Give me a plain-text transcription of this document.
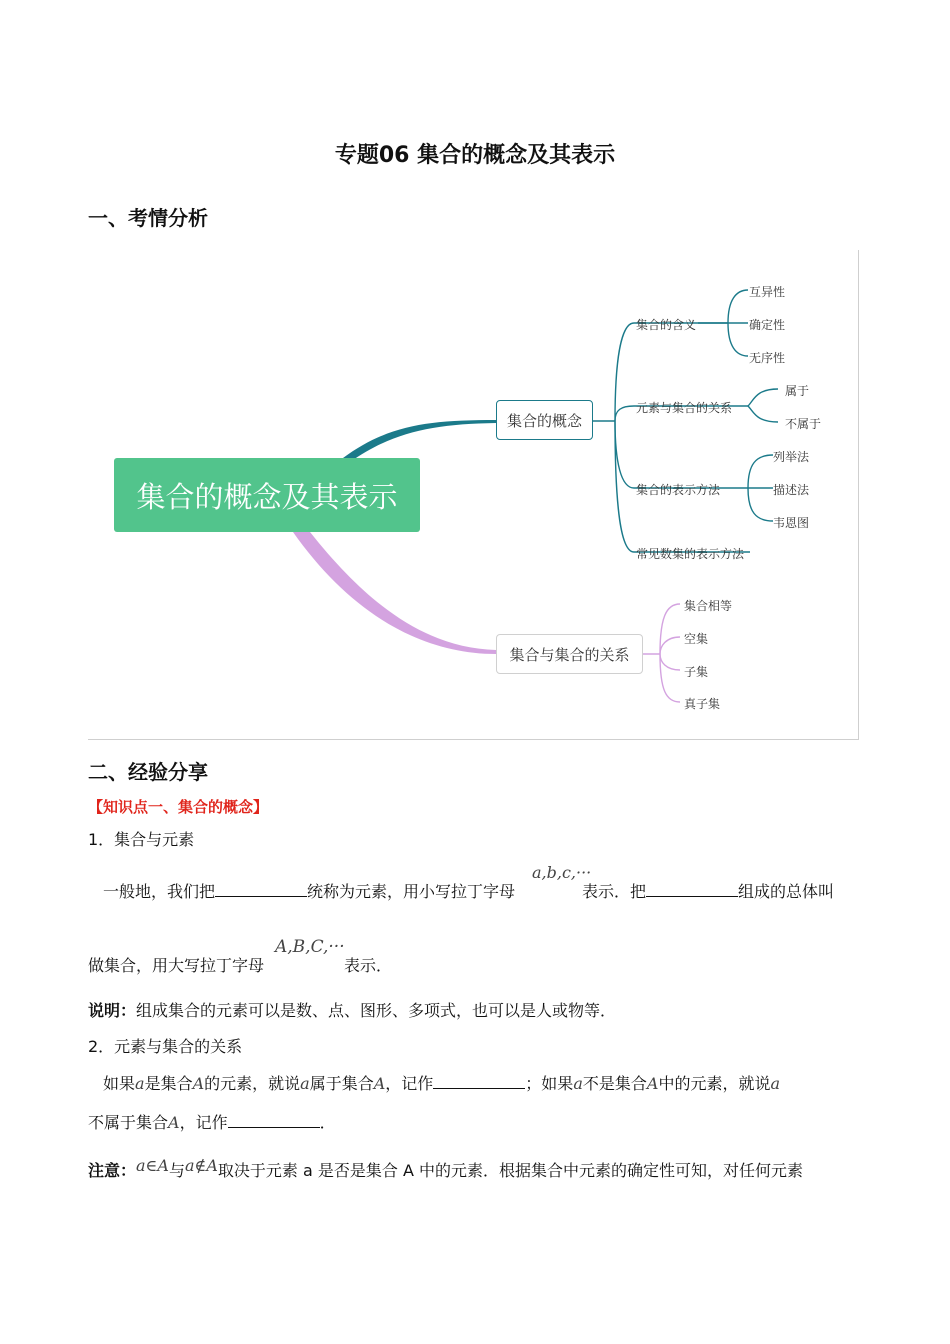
专题06 集合的概念及其表示
一、考情分析
集合的概念及其表示
集合的概念
集合与集合的关系
集合的含义
元素与集合的关系
集合的表示方法
常见数集的表示方法
互异性
确定性
无序性
属于
不属于
列举法
描述法
韦恩图
集合相等
空集
子集
真子集
二、经验分享
【知识点一、集合的概念】
1．集合与元素
a,b,c,···
一般地，我们把	统称为元素，用小写拉丁字母	表示．把	组成的总体叫
A,B,C,···
做集合，用大写拉丁字母	表示．
说明：组成集合的元素可以是数、点、图形、多项式，也可以是人或物等．
2．元素与集合的关系
如果a是集合A的元素，就说a属于集合A，记作	；如果a不是集合A中的元素，就说a
不属于集合A，记作	．
注意：a∈A与a∉A取决于元素 a 是否是集合 A 中的元素．根据集合中元素的确定性可知，对任何元素
